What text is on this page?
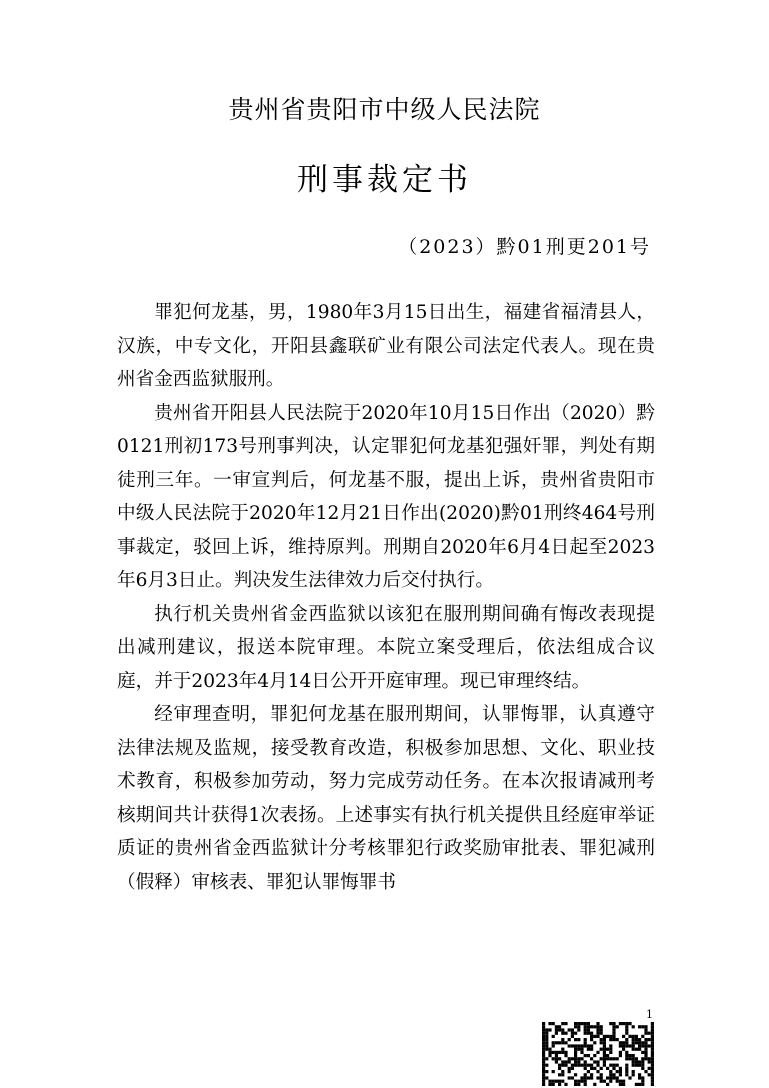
贵州省贵阳市中级人民法院
刑事裁定书
（2023）黔01刑更201号

罪犯何龙基，男，1980年3月15日出生，福建省福清县人，汉族，中专文化，开阳县鑫联矿业有限公司法定代表人。现在贵州省金西监狱服刑。

贵州省开阳县人民法院于2020年10月15日作出（2020）黔0121刑初173号刑事判决，认定罪犯何龙基犯强奸罪，判处有期徒刑三年。一审宣判后，何龙基不服，提出上诉，贵州省贵阳市中级人民法院于2020年12月21日作出(2020)黔01刑终464号刑事裁定，驳回上诉，维持原判。刑期自2020年6月4日起至2023年6月3日止。判决发生法律效力后交付执行。

执行机关贵州省金西监狱以该犯在服刑期间确有悔改表现提出减刑建议，报送本院审理。本院立案受理后，依法组成合议庭，并于2023年4月14日公开开庭审理。现已审理终结。

经审理查明，罪犯何龙基在服刑期间，认罪悔罪，认真遵守法律法规及监规，接受教育改造，积极参加思想、文化、职业技术教育，积极参加劳动，努力完成劳动任务。在本次报请减刑考核期间共计获得1次表扬。上述事实有执行机关提供且经庭审举证质证的贵州省金西监狱计分考核罪犯行政奖励审批表、罪犯减刑（假释）审核表、罪犯认罪悔罪书

1
